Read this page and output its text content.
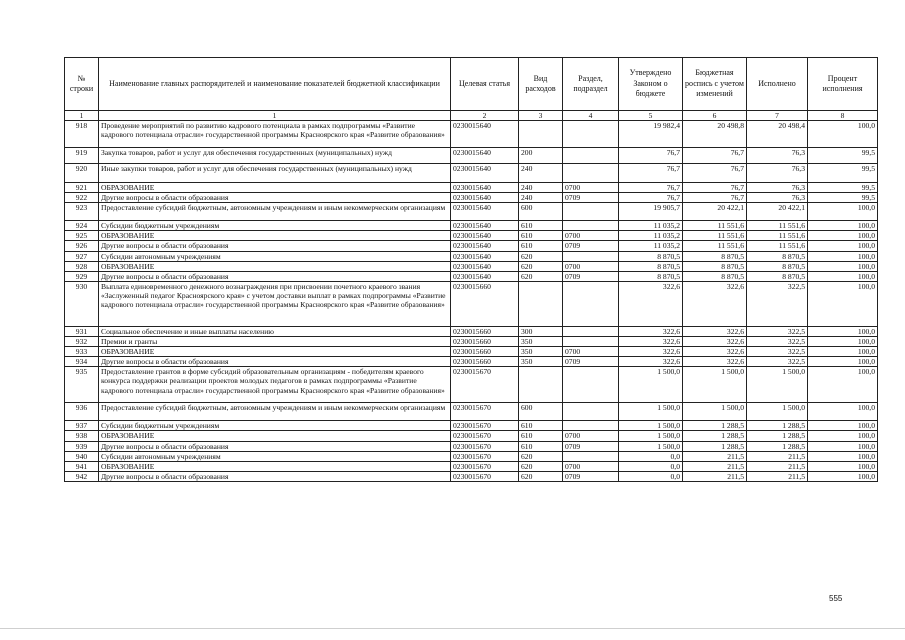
№ строки	Наименование главных распорядителей и наименование показателей бюджетной классификации	Целевая статья	Вид расходов	Раздел, подраздел	Утверждено Законом о бюджете	Бюджетная роспись с учетом изменений	Исполнено	Процент исполнения
1	1	2	3	4	5	6	7	8
918	Проведение мероприятий по развитию кадрового потенциала в рамках подпрограммы «Развитие кадрового потенциала отрасли» государственной программы Красноярского края «Развитие образования»	0230015640			19 982,4	20 498,8	20 498,4	100,0
919	Закупка товаров, работ и услуг для обеспечения государственных (муниципальных) нужд	0230015640	200		76,7	76,7	76,3	99,5
920	Иные закупки товаров, работ и услуг для обеспечения государственных (муниципальных) нужд	0230015640	240		76,7	76,7	76,3	99,5
921	ОБРАЗОВАНИЕ	0230015640	240	0700	76,7	76,7	76,3	99,5
922	Другие вопросы в области образования	0230015640	240	0709	76,7	76,7	76,3	99,5
923	Предоставление субсидий бюджетным, автономным учреждениям и иным некоммерческим организациям	0230015640	600		19 905,7	20 422,1	20 422,1	100,0
924	Субсидии бюджетным учреждениям	0230015640	610		11 035,2	11 551,6	11 551,6	100,0
925	ОБРАЗОВАНИЕ	0230015640	610	0700	11 035,2	11 551,6	11 551,6	100,0
926	Другие вопросы в области образования	0230015640	610	0709	11 035,2	11 551,6	11 551,6	100,0
927	Субсидии автономным учреждениям	0230015640	620		8 870,5	8 870,5	8 870,5	100,0
928	ОБРАЗОВАНИЕ	0230015640	620	0700	8 870,5	8 870,5	8 870,5	100,0
929	Другие вопросы в области образования	0230015640	620	0709	8 870,5	8 870,5	8 870,5	100,0
930	Выплата единовременного денежного вознаграждения при присвоении почетного краевого звания «Заслуженный педагог Красноярского края» с учетом доставки выплат в рамках подпрограммы «Развитие кадрового потенциала отрасли» государственной программы Красноярского края «Развитие образования»	0230015660			322,6	322,6	322,5	100,0
931	Социальное обеспечение и иные выплаты населению	0230015660	300		322,6	322,6	322,5	100,0
932	Премии и гранты	0230015660	350		322,6	322,6	322,5	100,0
933	ОБРАЗОВАНИЕ	0230015660	350	0700	322,6	322,6	322,5	100,0
934	Другие вопросы в области образования	0230015660	350	0709	322,6	322,6	322,5	100,0
935	Предоставление грантов в форме субсидий образовательным организациям - победителям краевого конкурса поддержки реализации проектов молодых педагогов в рамках подпрограммы «Развитие кадрового потенциала отрасли» государственной программы Красноярского края «Развитие образования»	0230015670			1 500,0	1 500,0	1 500,0	100,0
936	Предоставление субсидий бюджетным, автономным учреждениям и иным некоммерческим организациям	0230015670	600		1 500,0	1 500,0	1 500,0	100,0
937	Субсидии бюджетным учреждениям	0230015670	610		1 500,0	1 288,5	1 288,5	100,0
938	ОБРАЗОВАНИЕ	0230015670	610	0700	1 500,0	1 288,5	1 288,5	100,0
939	Другие вопросы в области образования	0230015670	610	0709	1 500,0	1 288,5	1 288,5	100,0
940	Субсидии автономным учреждениям	0230015670	620		0,0	211,5	211,5	100,0
941	ОБРАЗОВАНИЕ	0230015670	620	0700	0,0	211,5	211,5	100,0
942	Другие вопросы в области образования	0230015670	620	0709	0,0	211,5	211,5	100,0
555
